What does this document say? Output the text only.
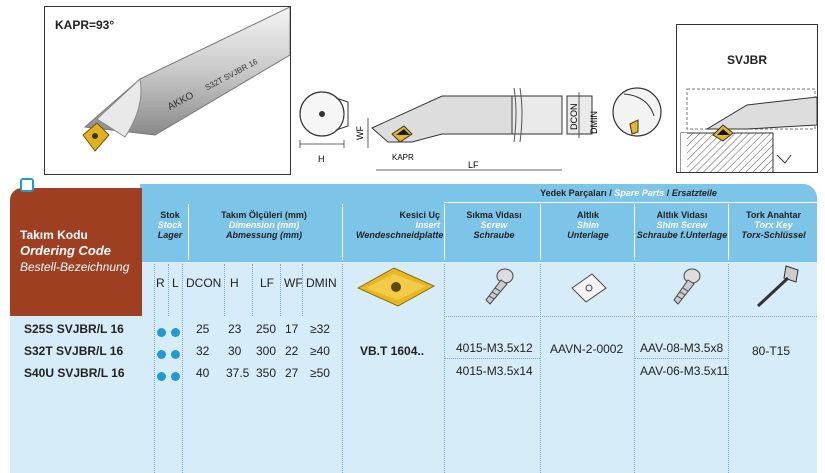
KAPR=93°
AKKO
S32T SVJBR 16
H
WF
KAPR
LF
DCON DMIN
SVJBR
Yedek Parçaları / Spare Parts / Ersatzteile
Takım Kodu
Ordering Code
Bestell-Bezeichnung
Stok
Stock
Lager
Takım Ölçüleri (mm)
Dimension (mm)
Abmessung (mm)
Kesici Uç
Insert
Wendeschneidplatte
Sıkma Vidası
Screw
Schraube
Altlık
Shim
Unterlage
Altlık Vidası
Shim Screw
Schraube f.Unterlage
Tork Anahtar
Torx Key
Torx-Schlüssel
R L DCON H LF WF DMIN
S25S SVJBR/L 16
S32T SVJBR/L 16
S40U SVJBR/L 16
25 23 250 17 ≥32
32 30 300 22 ≥40
40 37.5 350 27 ≥50
VB.T 1604..	4015-M3.5x12
4015-M3.5x14
AAVN-2-0002 AAV-08-M3.5x8
AAV-06-M3.5x11
80-T15
